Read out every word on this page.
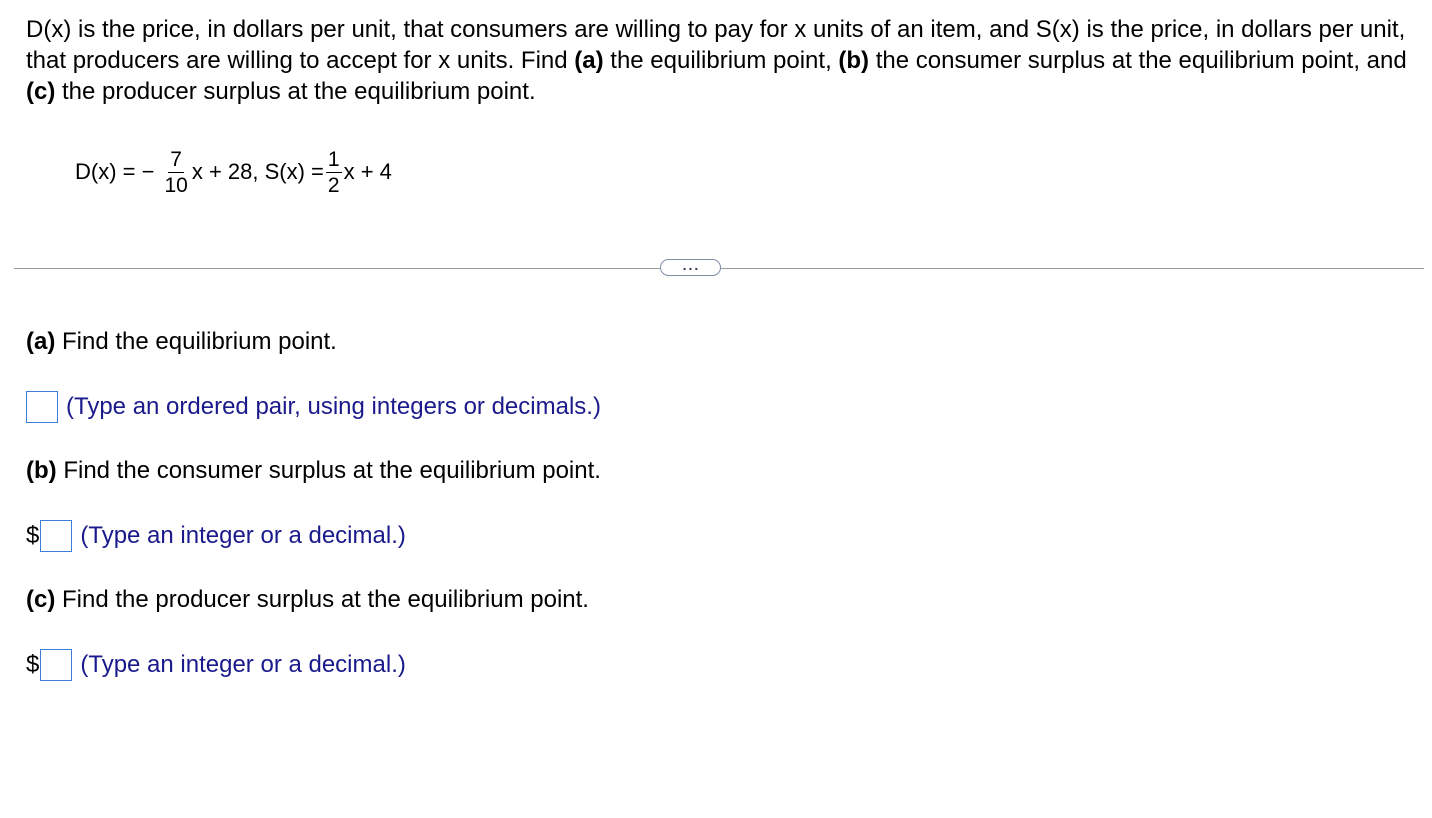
D(x) is the price, in dollars per unit, that consumers are willing to pay for x units of an item, and S(x) is the price, in dollars per unit, that producers are willing to accept for x units. Find (a) the equilibrium point, (b) the consumer surplus at the equilibrium point, and (c) the producer surplus at the equilibrium point.
D(x) = − $\frac{7}{10}$ x + 28, $S(x) = \frac{1}{2}$ x + 4
...
(a) Find the equilibrium point.
(Type an ordered pair, using integers or decimals.)
(b) Find the consumer surplus at the equilibrium point.
$ (Type an integer or a decimal.)
(c) Find the producer surplus at the equilibrium point.
$ (Type an integer or a decimal.)
